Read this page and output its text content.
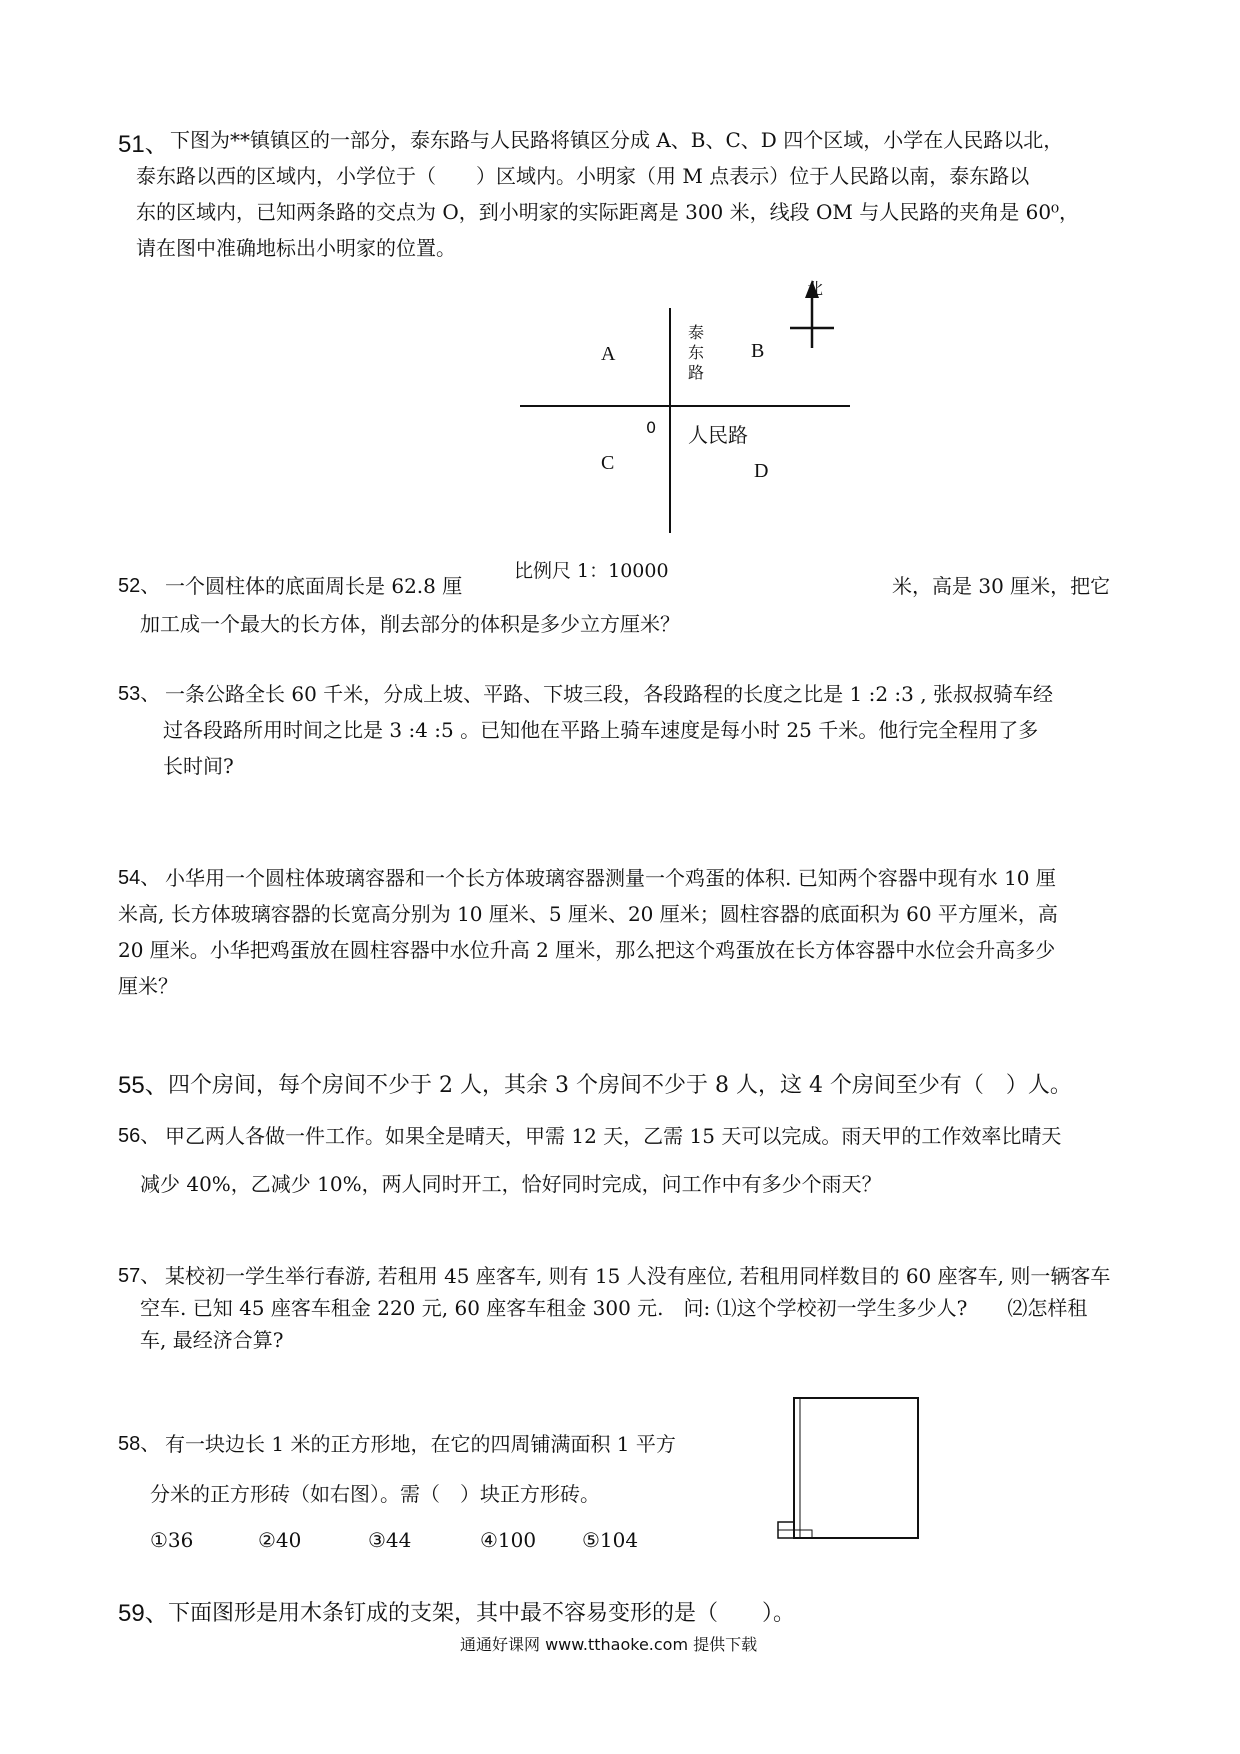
51、 下图为**镇镇区的一部分，泰东路与人民路将镇区分成 A、B、C、D 四个区域，小学在人民路以北，
泰东路以西的区域内，小学位于（　　）区域内。小明家（用 M 点表示）位于人民路以南，泰东路以
东的区域内，已知两条路的交点为 O，到小明家的实际距离是 300 米，线段 OM 与人民路的夹角是 60⁰，
请在图中准确地标出小明家的位置。
A	B
C	D
0
泰
东
路
人民路
北
比例尺 1：10000
52、 一个圆柱体的底面周长是 62.8 厘	米，高是 30 厘米，把它
加工成一个最大的长方体，削去部分的体积是多少立方厘米？
53、 一条公路全长 60 千米，分成上坡、平路、下坡三段，各段路程的长度之比是 1 :2 :3 , 张叔叔骑车经
过各段路所用时间之比是 3 :4 :5 。已知他在平路上骑车速度是每小时 25 千米。他行完全程用了多
长时间?
54、 小华用一个圆柱体玻璃容器和一个长方体玻璃容器测量一个鸡蛋的体积. 已知两个容器中现有水 10 厘
米高, 长方体玻璃容器的长宽高分别为 10 厘米、5 厘米、20 厘米；圆柱容器的底面积为 60 平方厘米，高
20 厘米。小华把鸡蛋放在圆柱容器中水位升高 2 厘米，那么把这个鸡蛋放在长方体容器中水位会升高多少
厘米？
55、 四个房间，每个房间不少于 2 人，其余 3 个房间不少于 8 人，这 4 个房间至少有（　）人。
56、 甲乙两人各做一件工作。如果全是晴天，甲需 12 天，乙需 15 天可以完成。雨天甲的工作效率比晴天
减少 40%，乙减少 10%，两人同时开工，恰好同时完成，问工作中有多少个雨天？
57、 某校初一学生举行春游, 若租用 45 座客车, 则有 15 人没有座位, 若租用同样数目的 60 座客车, 则一辆客车
空车. 已知 45 座客车租金 220 元, 60 座客车租金 300 元.　问: ⑴这个学校初一学生多少人?　　⑵怎样租
车, 最经济合算?
58、 有一块边长 1 米的正方形地，在它的四周铺满面积 1 平方
分米的正方形砖（如右图）。需（　）块正方形砖。
①36	②40	③44	④100 ⑤104
59、 下面图形是用木条钉成的支架，其中最不容易变形的是（　　）。
通通好课网 www.tthaoke.com 提供下载
